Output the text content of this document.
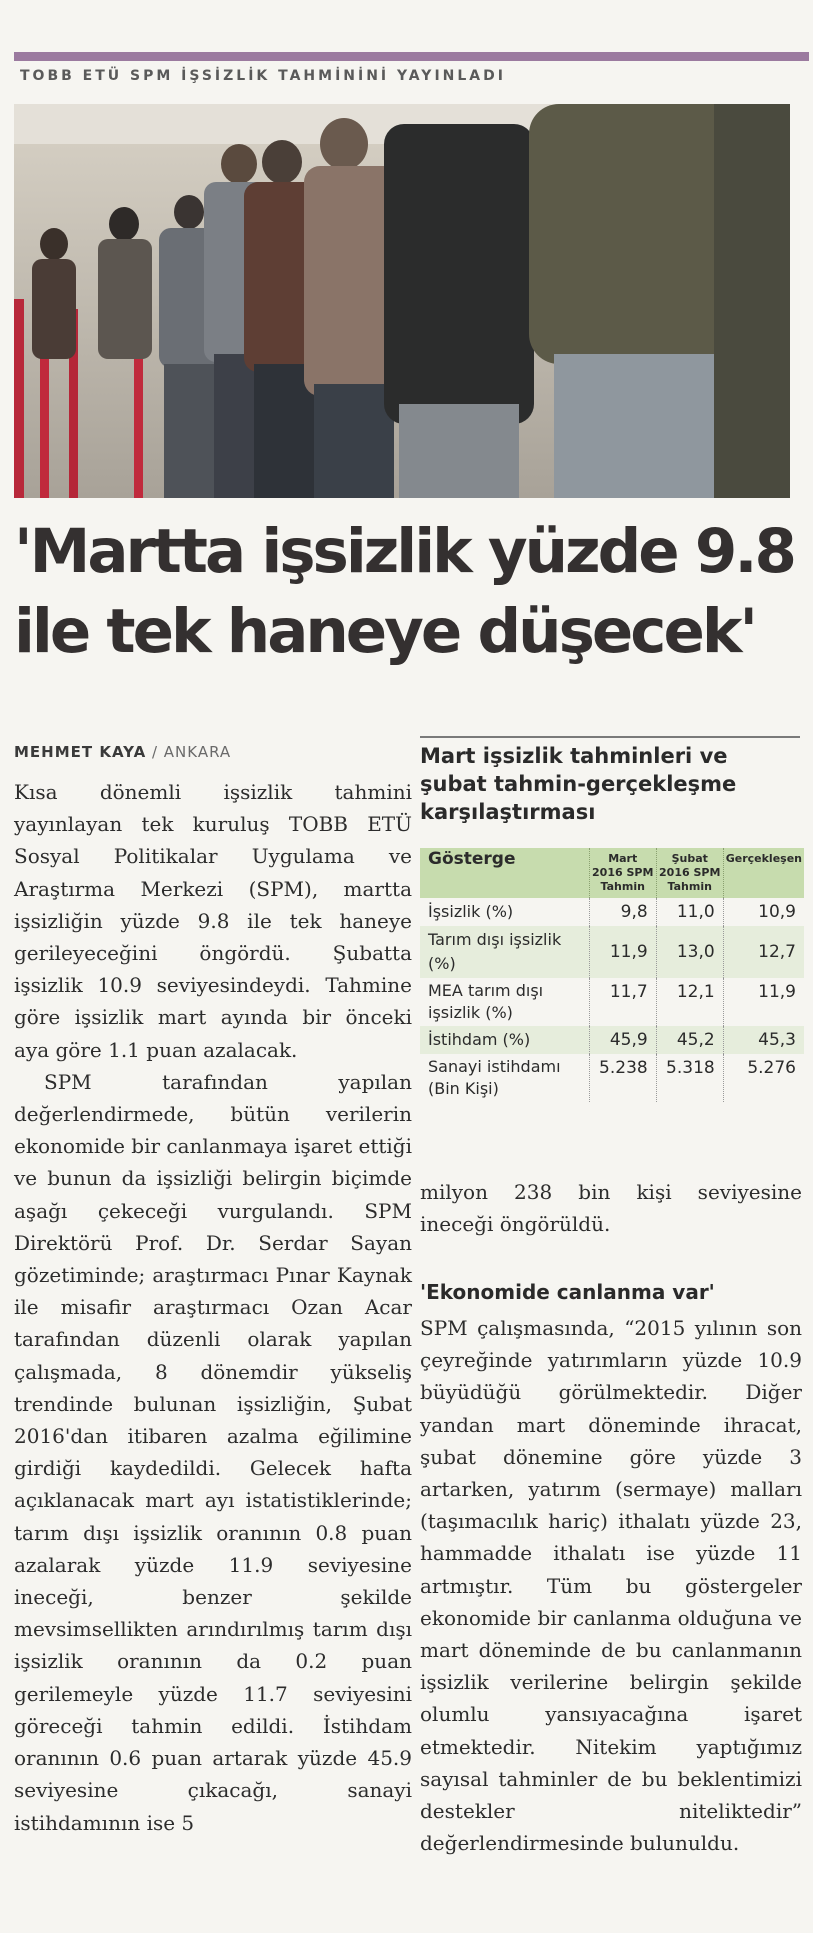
TOBB ETÜ SPM İŞSİZLİK TAHMİNİNİ YAYINLADI
'Martta işsizlik yüzde 9.8
ile tek haneye düşecek'
MEHMET KAYA / ANKARA

Kısa dönemli işsizlik tahmini yayınlayan tek kuruluş TOBB ETÜ Sosyal Politikalar Uygulama ve Araştırma Merkezi (SPM), martta işsizliğin yüzde 9.8 ile tek haneye gerileyeceğini öngördü. Şubatta işsizlik 10.9 seviyesindeydi. Tahmine göre işsizlik mart ayında bir önceki aya göre 1.1 puan azalacak.

SPM tarafından yapılan değerlendirmede, bütün verilerin ekonomide bir canlanmaya işaret ettiği ve bunun da işsizliği belirgin biçimde aşağı çekeceği vurgulandı. SPM Direktörü Prof. Dr. Serdar Sayan gözetiminde; araştırmacı Pınar Kaynak ile misafir araştırmacı Ozan Acar tarafından düzenli olarak yapılan çalışmada, 8 dönemdir yükseliş trendinde bulunan işsizliğin, Şubat 2016'dan itibaren azalma eğilimine girdiği kaydedildi. Gelecek hafta açıklanacak mart ayı istatistiklerinde; tarım dışı işsizlik oranının 0.8 puan azalarak yüzde 11.9 seviyesine ineceği, benzer şekilde mevsimsellikten arındırılmış tarım dışı işsizlik oranının da 0.2 puan gerilemeyle yüzde 11.7 seviyesini göreceği tahmin edildi. İstihdam oranının 0.6 puan artarak yüzde 45.9 seviyesine çıkacağı, sanayi istihdamının ise 5

Mart işsizlik tahminleri ve şubat tahmin-gerçekleşme karşılaştırması
Gösterge	Mart 2016 SPM Tahmin	Şubat 2016 SPM Tahmin	Gerçekleşen
İşsizlik (%)	9,8	11,0	10,9
Tarım dışı işsizlik (%)	11,9	13,0	12,7
MEA tarım dışı işsizlik (%)	11,7	12,1	11,9
İstihdam (%)	45,9	45,2	45,3
Sanayi istihdamı (Bin Kişi)	5.238	5.318	5.276

milyon 238 bin kişi seviyesine ineceği öngörüldü.

'Ekonomide canlanma var'

SPM çalışmasında, “2015 yılının son çeyreğinde yatırımların yüzde 10.9 büyüdüğü görülmektedir. Diğer yandan mart döneminde ihracat, şubat dönemine göre yüzde 3 artarken, yatırım (sermaye) malları (taşımacılık hariç) ithalatı yüzde 23, hammadde ithalatı ise yüzde 11 artmıştır. Tüm bu göstergeler ekonomide bir canlanma olduğuna ve mart döneminde de bu canlanmanın işsizlik verilerine belirgin şekilde olumlu yansıyacağına işaret etmektedir. Nitekim yaptığımız sayısal tahminler de bu beklentimizi destekler niteliktedir” değerlendirmesinde bulunuldu.
